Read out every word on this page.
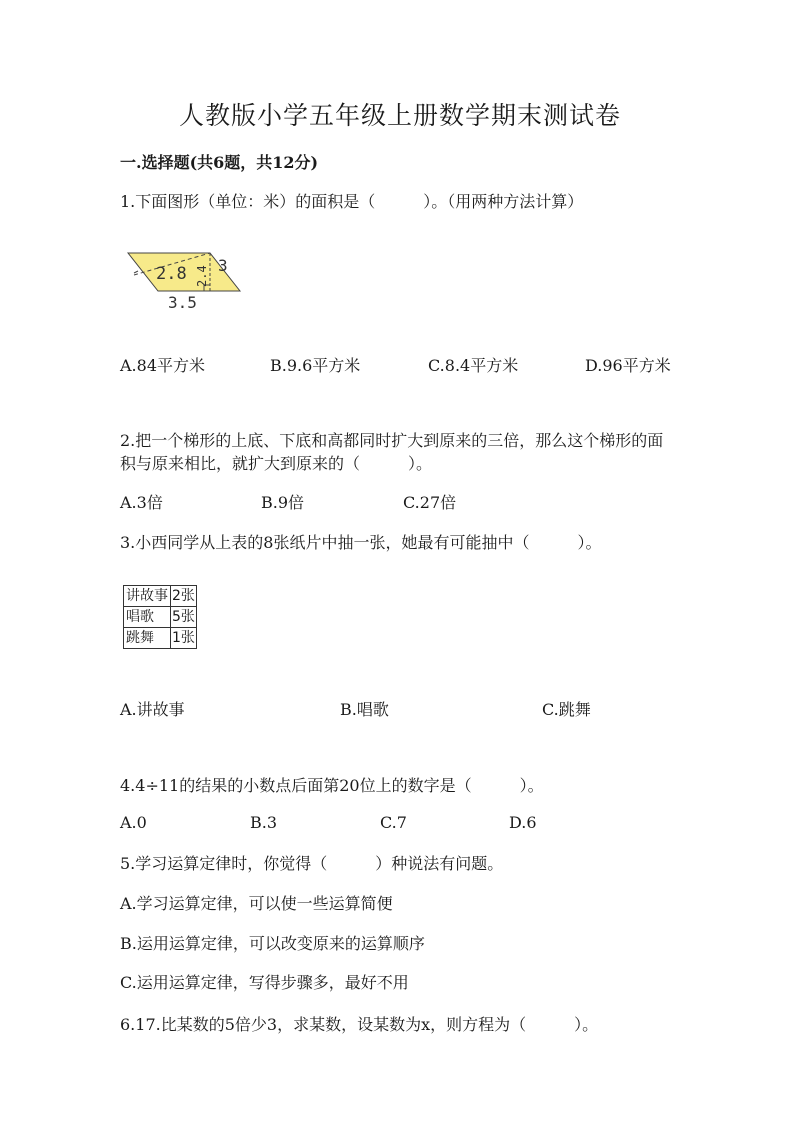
人教版小学五年级上册数学期末测试卷
一.选择题(共6题，共12分)
1.下面图形（单位：米）的面积是（　　　）。（用两种方法计算）
2.8 2.4 3
3.5
A.84平方米	B.9.6平方米	C.8.4平方米	D.96平方米
2.把一个梯形的上底、下底和高都同时扩大到原来的三倍，那么这个梯形的面
积与原来相比，就扩大到原来的（　　　）。
A.3倍	B.9倍	C.27倍
3.小西同学从上表的8张纸片中抽一张，她最有可能抽中（　　　）。
讲故事	2张
唱歌	5张
跳舞	1张
A.讲故事	B.唱歌	C.跳舞
4.4÷11的结果的小数点后面第20位上的数字是（　　　）。
A.0	B.3	C.7	D.6
5.学习运算定律时，你觉得（　　　）种说法有问题。
A.学习运算定律，可以使一些运算简便
B.运用运算定律，可以改变原来的运算顺序
C.运用运算定律，写得步骤多，最好不用
6.17.比某数的5倍少3，求某数，设某数为x，则方程为（　　　）。
